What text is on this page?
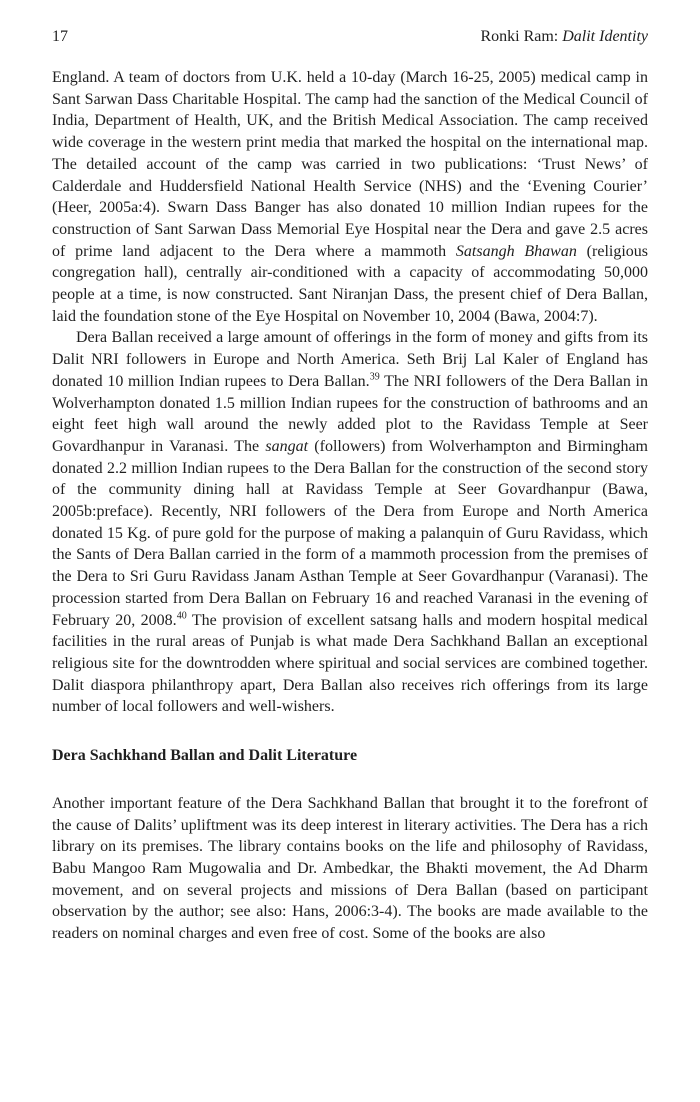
17	Ronki Ram: Dalit Identity

England. A team of doctors from U.K. held a 10-day (March 16-25, 2005) medical camp in Sant Sarwan Dass Charitable Hospital. The camp had the sanction of the Medical Council of India, Department of Health, UK, and the British Medical Association. The camp received wide coverage in the western print media that marked the hospital on the international map. The detailed account of the camp was carried in two publications: ‘Trust News’ of Calderdale and Huddersfield National Health Service (NHS) and the ‘Evening Courier’ (Heer, 2005a:4). Swarn Dass Banger has also donated 10 million Indian rupees for the construction of Sant Sarwan Dass Memorial Eye Hospital near the Dera and gave 2.5 acres of prime land adjacent to the Dera where a mammoth Satsangh Bhawan (religious congregation hall), centrally air-conditioned with a capacity of accommodating 50,000 people at a time, is now constructed. Sant Niranjan Dass, the present chief of Dera Ballan, laid the foundation stone of the Eye Hospital on November 10, 2004 (Bawa, 2004:7).

Dera Ballan received a large amount of offerings in the form of money and gifts from its Dalit NRI followers in Europe and North America. Seth Brij Lal Kaler of England has donated 10 million Indian rupees to Dera Ballan.$^{39}$ The NRI followers of the Dera Ballan in Wolverhampton donated 1.5 million Indian rupees for the construction of bathrooms and an eight feet high wall around the newly added plot to the Ravidass Temple at Seer Govardhanpur in Varanasi. The sangat (followers) from Wolverhampton and Birmingham donated 2.2 million Indian rupees to the Dera Ballan for the construction of the second story of the community dining hall at Ravidass Temple at Seer Govardhanpur (Bawa, 2005b:preface). Recently, NRI followers of the Dera from Europe and North America donated 15 Kg. of pure gold for the purpose of making a palanquin of Guru Ravidass, which the Sants of Dera Ballan carried in the form of a mammoth procession from the premises of the Dera to Sri Guru Ravidass Janam Asthan Temple at Seer Govardhanpur (Varanasi). The procession started from Dera Ballan on February 16 and reached Varanasi in the evening of February 20, 2008.40 The provision of excellent satsang halls and modern hospital medical facilities in the rural areas of Punjab is what made Dera Sachkhand Ballan an exceptional religious site for the downtrodden where spiritual and social services are combined together. Dalit diaspora philanthropy apart, Dera Ballan also receives rich offerings from its large number of local followers and well-wishers.

Dera Sachkhand Ballan and Dalit Literature

Another important feature of the Dera Sachkhand Ballan that brought it to the forefront of the cause of Dalits’ upliftment was its deep interest in literary activities. The Dera has a rich library on its premises. The library contains books on the life and philosophy of Ravidass, Babu Mangoo Ram Mugowalia and Dr. Ambedkar, the Bhakti movement, the Ad Dharm movement, and on several projects and missions of Dera Ballan (based on participant observation by the author; see also: Hans, 2006:3-4). The books are made available to the readers on nominal charges and even free of cost. Some of the books are also
